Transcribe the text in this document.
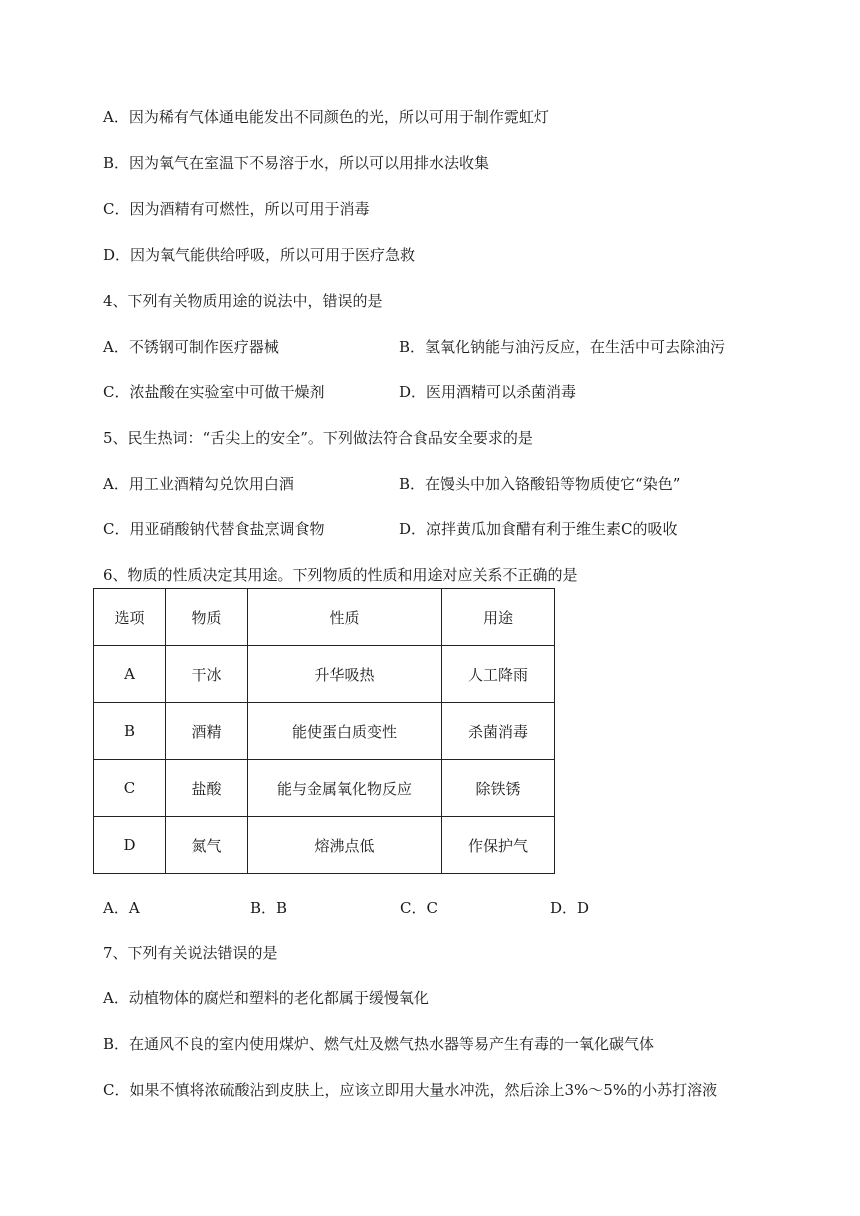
A．因为稀有气体通电能发出不同颜色的光，所以可用于制作霓虹灯
B．因为氧气在室温下不易溶于水，所以可以用排水法收集
C．因为酒精有可燃性，所以可用于消毒
D．因为氧气能供给呼吸，所以可用于医疗急救
4、下列有关物质用途的说法中，错误的是
A．不锈钢可制作医疗器械	B．氢氧化钠能与油污反应，在生活中可去除油污
C．浓盐酸在实验室中可做干燥剂	D．医用酒精可以杀菌消毒
5、民生热词：“舌尖上的安全”。下列做法符合食品安全要求的是
A．用工业酒精勾兑饮用白酒	B．在馒头中加入铬酸铅等物质使它“染色”
C．用亚硝酸钠代替食盐烹调食物	D．凉拌黄瓜加食醋有利于维生素C的吸收
6、物质的性质决定其用途。下列物质的性质和用途对应关系不正确的是
选项	物质	性质	用途
A	干冰	升华吸热	人工降雨
B	酒精	能使蛋白质变性	杀菌消毒
C	盐酸	能与金属氧化物反应	除铁锈
D	氮气	熔沸点低	作保护气
A．A	B．B	C．C	D．D
7、下列有关说法错误的是
A．动植物体的腐烂和塑料的老化都属于缓慢氧化
B．在通风不良的室内使用煤炉、燃气灶及燃气热水器等易产生有毒的一氧化碳气体
C．如果不慎将浓硫酸沾到皮肤上，应该立即用大量水冲洗，然后涂上3%～5%的小苏打溶液
